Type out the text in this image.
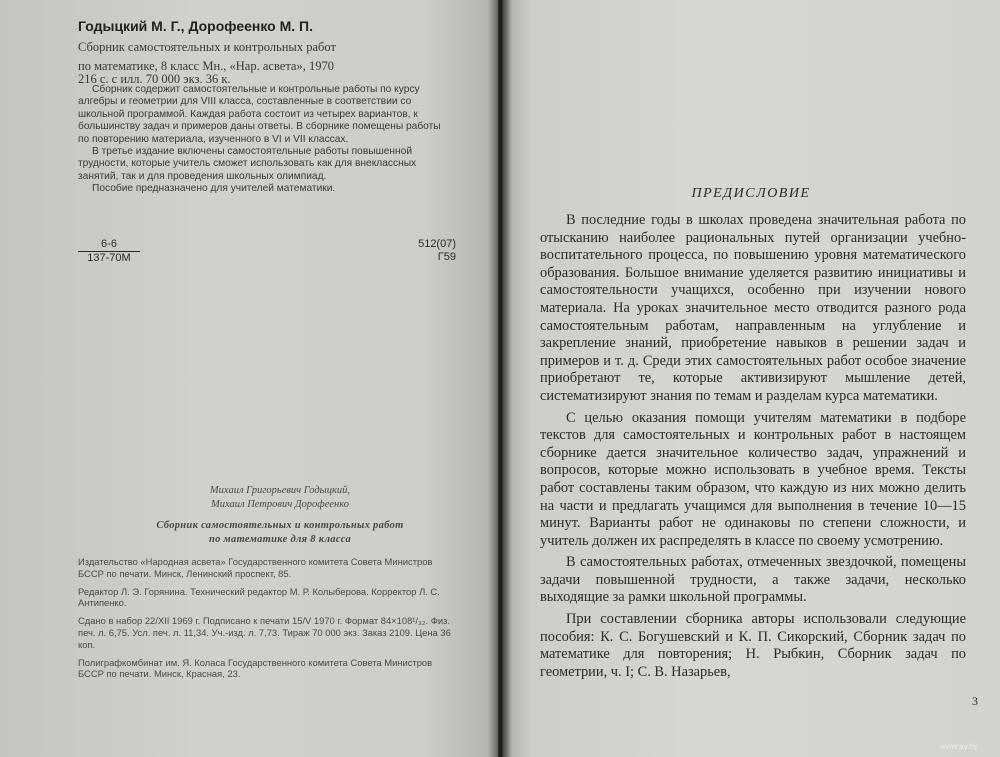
Годыцкий М. Г., Дорофеенко М. П.
Сборник самостоятельных и контрольных работ
по математике, 8 класс Мн., «Нар. асвета», 1970
216 с. с илл. 70 000 экз. 36 к.

Сборник содержит самостоятельные и контрольные работы по курсу алгебры и геометрии для VIII класса, составленные в соответствии со школьной программой. Каждая работа состоит из четырех вариантов, к большинству задач и примеров даны ответы. В сборнике помещены работы по повторению материала, изученного в VI и VII классах.

В третье издание включены самостоятельные работы повышенной трудности, которые учитель сможет использовать как для внеклассных занятий, так и для проведения школьных олимпиад.

Пособие предназначено для учителей математики.

6-6
137-70М
512(07)
Г59
Михаил Григорьевич Годыцкий,
Михаил Петрович Дорофеенко
Сборник самостоятельных и контрольных работ
по математике для 8 класса

Издательство «Народная асвета» Государственного комитета Совета Министров БССР по печати. Минск, Ленинский проспект, 85.

Редактор Л. Э. Горянина. Технический редактор М. Р. Колыберова. Корректор Л. С. Антипенко.

Сдано в набор 22/XII 1969 г. Подписано к печати 15/V 1970 г. Формат 84×108¹/₃₂. Физ. печ. л. 6,75. Усл. печ. л. 11,34. Уч.-изд. л. 7,73. Тираж 70 000 экз. Заказ 2109. Цена 36 коп.

Полиграфкомбинат им. Я. Коласа Государственного комитета Совета Министров БССР по печати. Минск, Красная, 23.

ПРЕДИСЛОВИЕ

В последние годы в школах проведена значительная работа по отысканию наиболее рациональных путей организации учебно-воспитательного процесса, по повышению уровня математического образования. Большое внимание уделяется развитию инициативы и самостоятельности учащихся, особенно при изучении нового материала. На уроках значительное место отводится разного рода самостоятельным работам, направленным на углубление и закрепление знаний, приобретение навыков в решении задач и примеров и т. д. Среди этих самостоятельных работ особое значение приобретают те, которые активизируют мышление детей, систематизируют знания по темам и разделам курса математики.

С целью оказания помощи учителям математики в подборе текстов для самостоятельных и контрольных работ в настоящем сборнике дается значительное количество задач, упражнений и вопросов, которые можно использовать в учебное время. Тексты работ составлены таким образом, что каждую из них можно делить на части и предлагать учащимся для выполнения в течение 10—15 минут. Варианты работ не одинаковы по степени сложности, и учитель должен их распределять в классе по своему усмотрению.

В самостоятельных работах, отмеченных звездочкой, помещены задачи повышенной трудности, а также задачи, несколько выходящие за рамки школьной программы.

При составлении сборника авторы использовали следующие пособия: К. С. Богушевский и К. П. Сикорский, Сборник задач по математике для повторения; Н. Рыбкин, Сборник задач по геометрии, ч. I; С. В. Назарьев,

3
www.ay.by
